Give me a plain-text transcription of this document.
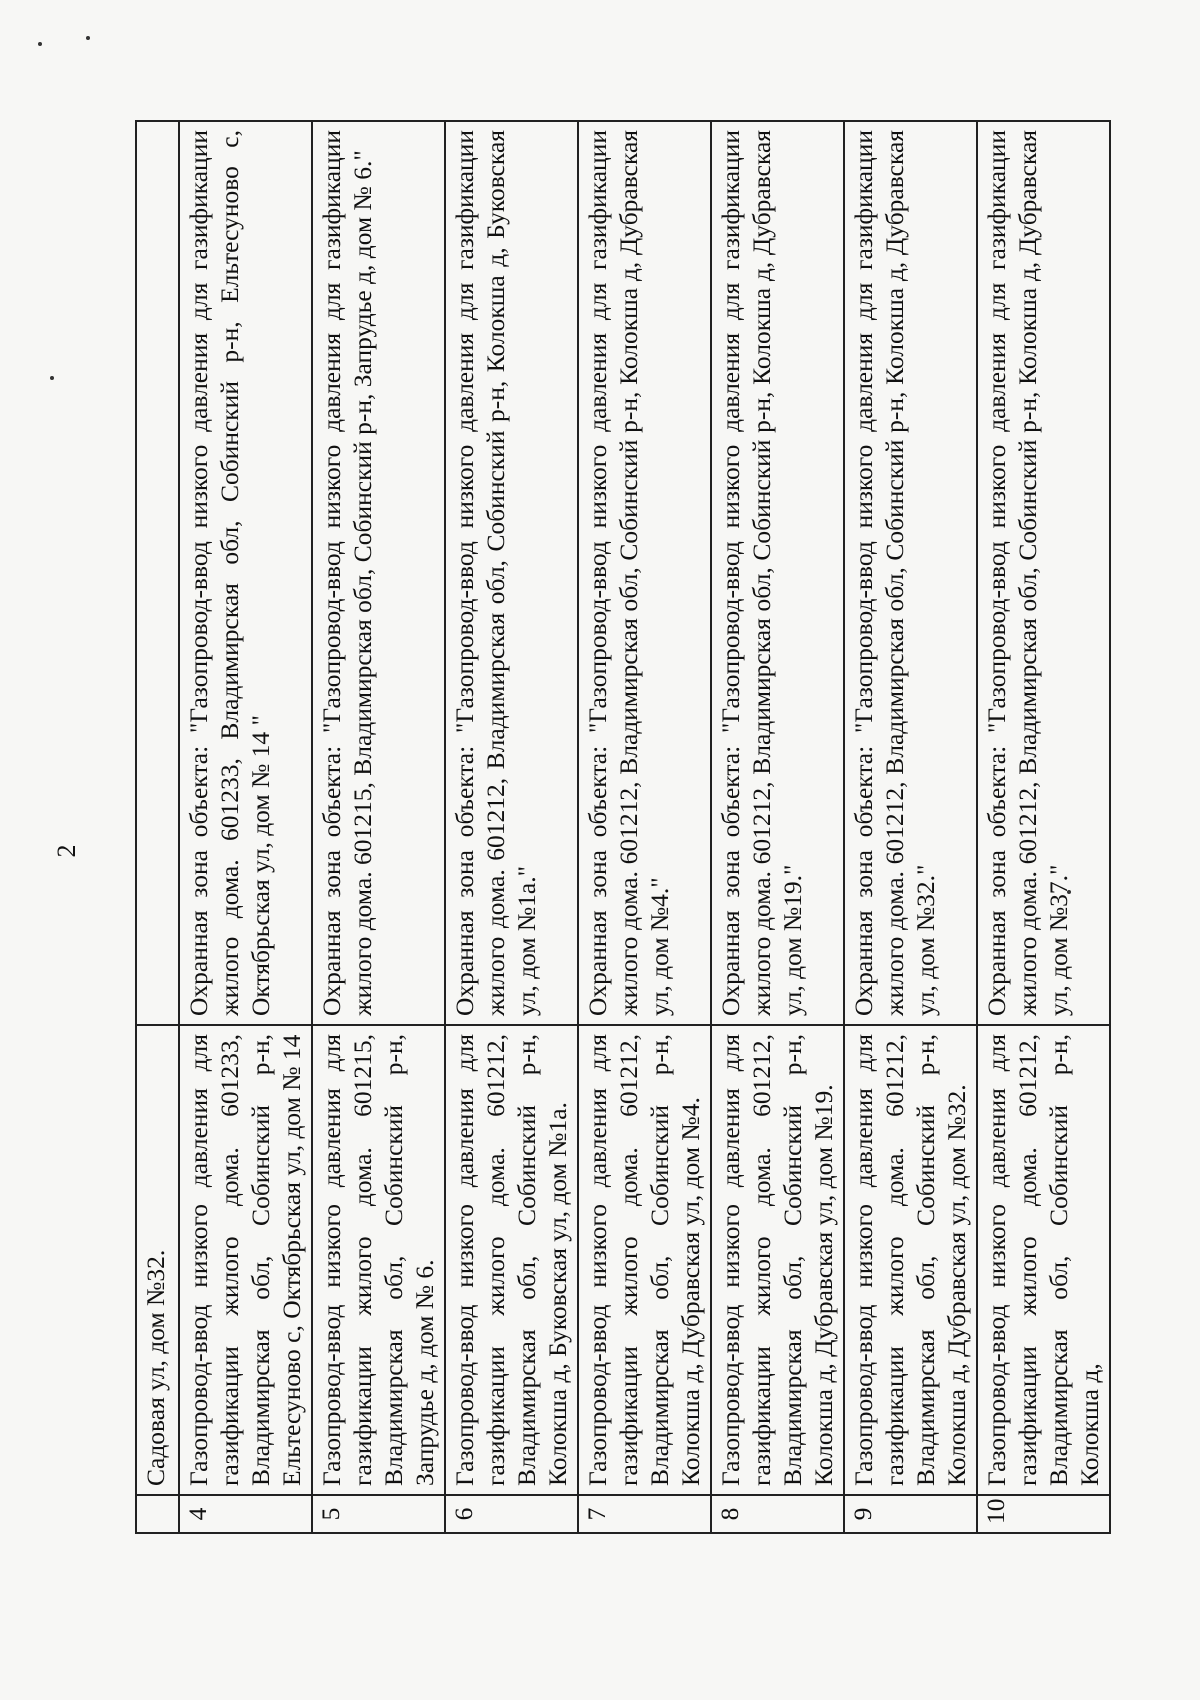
2
	Садовая ул, дом №32.	
4	Газопровод-ввод низкого давления для газификации жилого дома. 601233, Владимирская обл, Собинский р-н, Ельтесуново с, Октябрьская ул, дом № 14	Охранная зона объекта: "Газопровод-ввод низкого давления для газификации жилого дома. 601233, Владимирская обл, Собинский р-н, Ельтесуново с, Октябрьская ул, дом № 14 "
5	Газопровод-ввод низкого давления для газификации жилого дома. 601215, Владимирская обл, Собинский р-н, Запрудье д, дом № 6.	Охранная зона объекта: "Газопровод-ввод низкого давления для газификации жилого дома. 601215, Владимирская обл, Собинский р-н, Запрудье д, дом № 6."
6	Газопровод-ввод низкого давления для газификации жилого дома. 601212, Владимирская обл, Собинский р-н, Колокша д, Буковская ул, дом №1а.	Охранная зона объекта: "Газопровод-ввод низкого давления для газификации жилого дома. 601212, Владимирская обл, Собинский р-н, Колокша д, Буковская ул, дом №1а."
7	Газопровод-ввод низкого давления для газификации жилого дома. 601212, Владимирская обл, Собинский р-н, Колокша д, Дубравская ул, дом №4.	Охранная зона объекта: "Газопровод-ввод низкого давления для газификации жилого дома. 601212, Владимирская обл, Собинский р-н, Колокша д, Дубравская ул, дом №4."
8	Газопровод-ввод низкого давления для газификации жилого дома. 601212, Владимирская обл, Собинский р-н, Колокша д, Дубравская ул, дом №19.	Охранная зона объекта: "Газопровод-ввод низкого давления для газификации жилого дома. 601212, Владимирская обл, Собинский р-н, Колокша д, Дубравская ул, дом №19."
9	Газопровод-ввод низкого давления для газификации жилого дома. 601212, Владимирская обл, Собинский р-н, Колокша д, Дубравская ул, дом №32.	Охранная зона объекта: "Газопровод-ввод низкого давления для газификации жилого дома. 601212, Владимирская обл, Собинский р-н, Колокша д, Дубравская ул, дом №32."
10	Газопровод-ввод низкого давления для газификации жилого дома. 601212, Владимирская обл, Собинский р-н, Колокша д,	Охранная зона объекта: "Газопровод-ввод низкого давления для газификации жилого дома. 601212, Владимирская обл, Собинский р-н, Колокша д, Дубравская ул, дом №37."
